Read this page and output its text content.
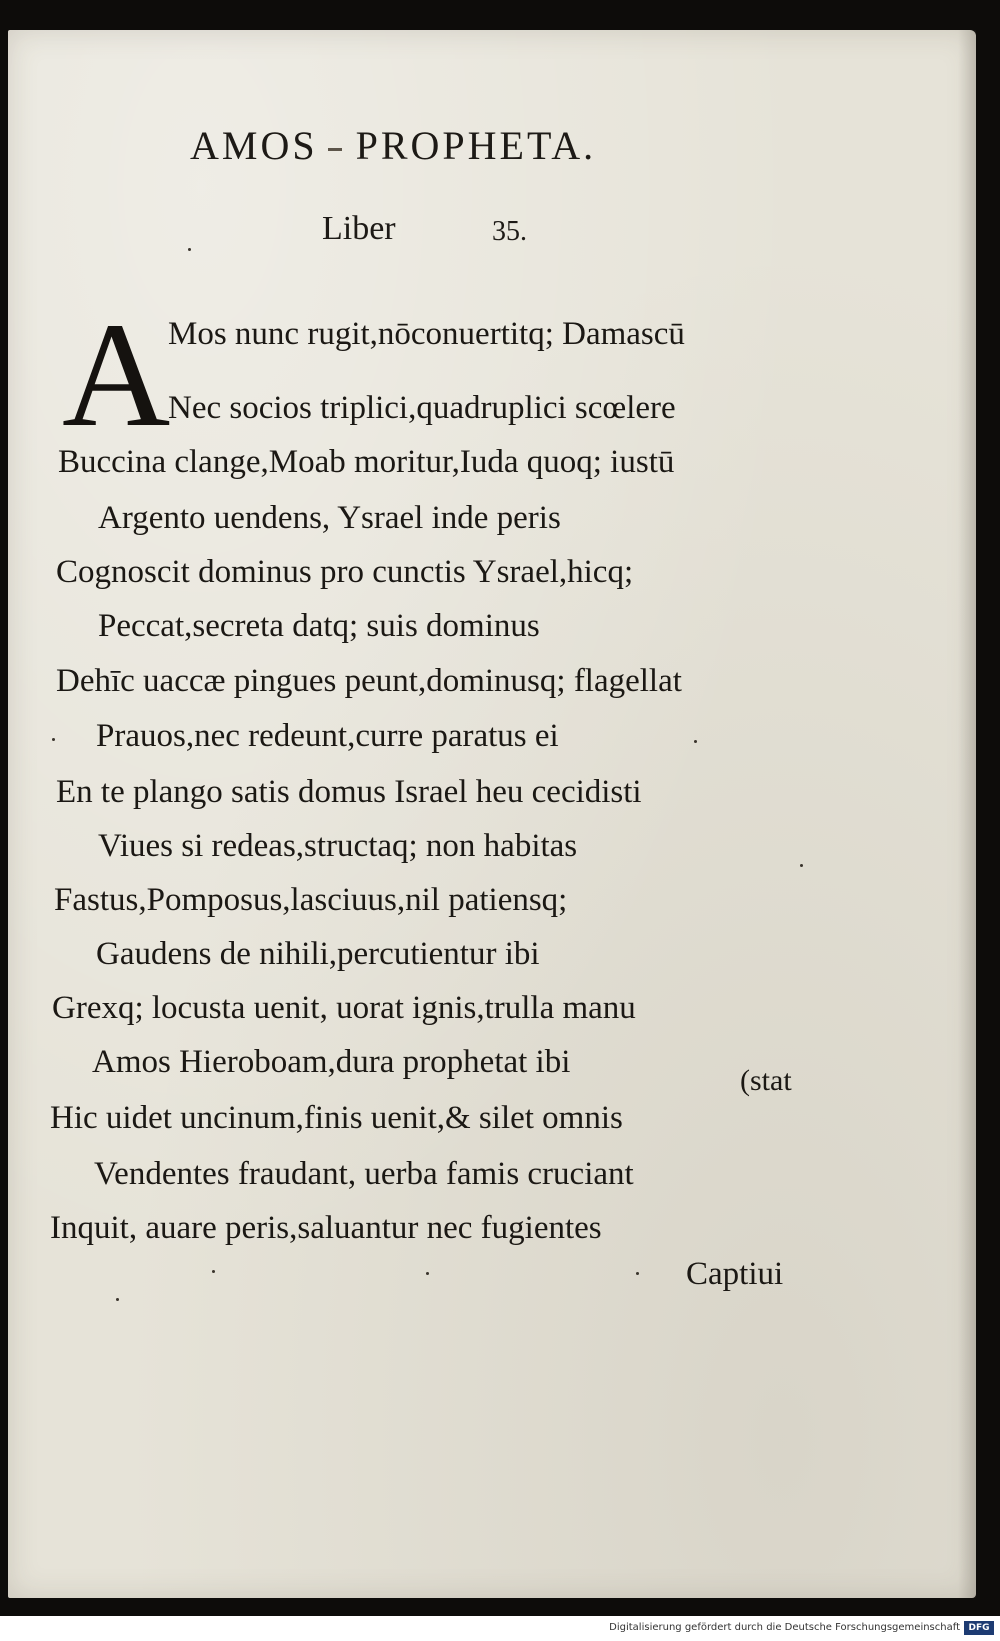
AMOS PROPHETA.
Liber	35.
A
Mos nunc rugit,nōconuertitq; Damascū
Nec socios triplici,quadruplici scœlere
Buccina clange,Moab moritur,Iuda quoq; iustū
Argento uendens, Ysrael inde peris
Cognoscit dominus pro cunctis Ysrael,hicq;
Peccat,secreta datq; suis dominus
Dehīc uaccæ pingues peunt,dominusq; flagellat
Prauos,nec redeunt,curre paratus ei
En te plango satis domus Israel heu cecidisti
Viues si redeas,structaq; non habitas
Fastus,Pomposus,lasciuus,nil patiensq;
Gaudens de nihili,percutientur ibi
Grexq; locusta uenit, uorat ignis,trulla manu
Amos Hieroboam,dura prophetat ibi
Hic uidet uncinum,finis uenit,& silet omnis
Vendentes fraudant, uerba famis cruciant
Inquit, auare peris,saluantur nec fugientes
(stat
Captiui
Digitalisierung gefördert durch die Deutsche Forschungsgemeinschaft DFG
